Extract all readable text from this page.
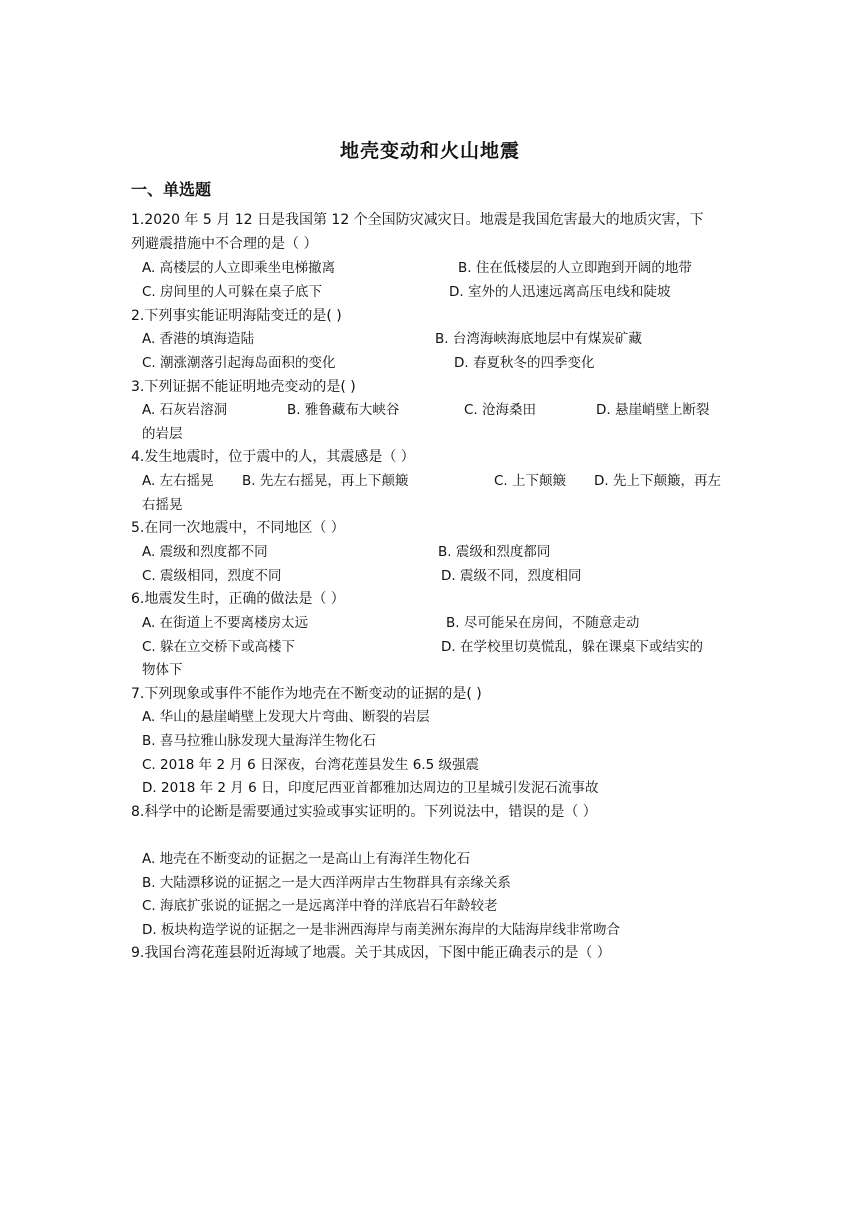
地壳变动和火山地震
一、单选题
1.2020 年 5 月 12 日是我国第 12 个全国防灾减灾日。地震是我国危害最大的地质灾害，下
列避震措施中不合理的是（ ）
A. 高楼层的人立即乘坐电梯撤离	B. 住在低楼层的人立即跑到开阔的地带
C. 房间里的人可躲在桌子底下	D. 室外的人迅速远离高压电线和陡坡
2.下列事实能证明海陆变迁的是( )
A. 香港的填海造陆	B. 台湾海峡海底地层中有煤炭矿藏
C. 潮涨潮落引起海岛面积的变化	D. 春夏秋冬的四季变化
3.下列证据不能证明地壳变动的是( )
A. 石灰岩溶洞	B. 雅鲁藏布大峡谷	C. 沧海桑田	D. 悬崖峭壁上断裂
的岩层
4.发生地震时，位于震中的人，其震感是（ ）
A. 左右摇晃 B. 先左右摇晃，再上下颠簸	C. 上下颠簸 D. 先上下颠簸，再左
右摇晃
5.在同一次地震中，不同地区（ ）
A. 震级和烈度都不同	B. 震级和烈度都同
C. 震级相同，烈度不同	D. 震级不同，烈度相同
6.地震发生时，正确的做法是（ ）
A. 在街道上不要离楼房太远	B. 尽可能呆在房间，不随意走动
C. 躲在立交桥下或高楼下	D. 在学校里切莫慌乱，躲在课桌下或结实的
物体下
7.下列现象或事件不能作为地壳在不断变动的证据的是( )
A. 华山的悬崖峭壁上发现大片弯曲、断裂的岩层
B. 喜马拉雅山脉发现大量海洋生物化石
C. 2018 年 2 月 6 日深夜，台湾花莲县发生 6.5 级强震
D. 2018 年 2 月 6 日，印度尼西亚首都雅加达周边的卫星城引发泥石流事故
8.科学中的论断是需要通过实验或事实证明的。下列说法中，错误的是（ ）
A. 地壳在不断变动的证据之一是高山上有海洋生物化石
B. 大陆漂移说的证据之一是大西洋两岸古生物群具有亲缘关系
C. 海底扩张说的证据之一是远离洋中脊的洋底岩石年龄较老
D. 板块构造学说的证据之一是非洲西海岸与南美洲东海岸的大陆海岸线非常吻合
9.我国台湾花莲县附近海域了地震。关于其成因，下图中能正确表示的是（ ）
